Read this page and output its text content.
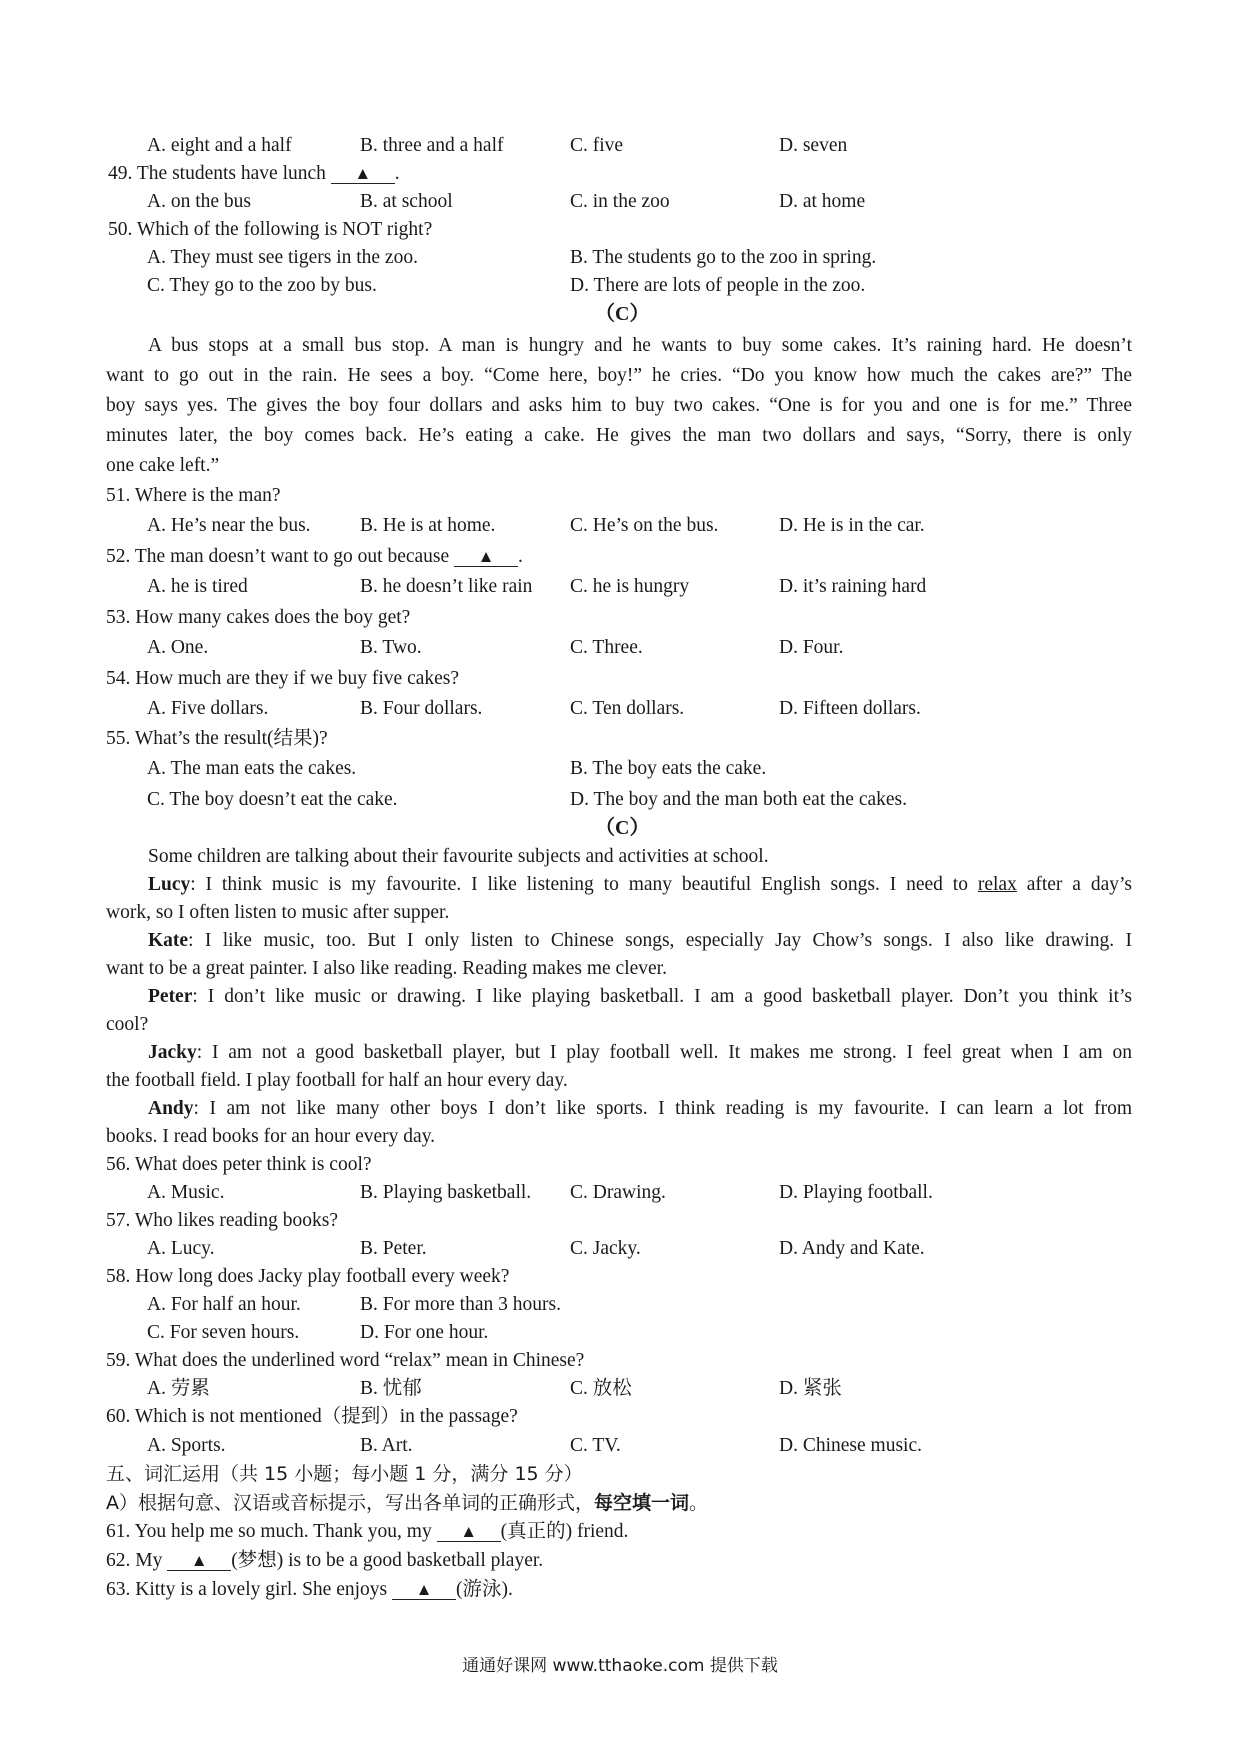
A. eight and a half	B. three and a half	C. five	D. seven
49. The students have lunch ▲ .
A. on the bus	B. at school	C. in the zoo	D. at home
50. Which of the following is NOT right?
A. They must see tigers in the zoo.	B. The students go to the zoo in spring.
C. They go to the zoo by bus.	D. There are lots of people in the zoo.
（C）
A bus stops at a small bus stop. A man is hungry and he wants to buy some cakes. It’s raining hard. He doesn’t
want to go out in the rain. He sees a boy. “Come here, boy!” he cries. “Do you know how much the cakes are?” The
boy says yes. The gives the boy four dollars and asks him to buy two cakes. “One is for you and one is for me.” Three
minutes later, the boy comes back. He’s eating a cake. He gives the man two dollars and says, “Sorry, there is only
one cake left.”
51. Where is the man?
A. He’s near the bus.	B. He is at home.	C. He’s on the bus.	D. He is in the car.
52. The man doesn’t want to go out because ▲ .
A. he is tired	B. he doesn’t like rain C. he is hungry	D. it’s raining hard
53. How many cakes does the boy get?
A. One.	B. Two.	C. Three.	D. Four.
54. How much are they if we buy five cakes?
A. Five dollars.	B. Four dollars.	C. Ten dollars.	D. Fifteen dollars.
55. What’s the result(结果)?
A. The man eats the cakes.	B. The boy eats the cake.
C. The boy doesn’t eat the cake.	D. The boy and the man both eat the cakes.
（C）
Some children are talking about their favourite subjects and activities at school.
Lucy: I think music is my favourite. I like listening to many beautiful English songs. I need to relax after a day’s
work, so I often listen to music after supper.
Kate: I like music, too. But I only listen to Chinese songs, especially Jay Chow’s songs. I also like drawing. I
want to be a great painter. I also like reading. Reading makes me clever.
Peter: I don’t like music or drawing. I like playing basketball. I am a good basketball player. Don’t you think it’s
cool?
Jacky: I am not a good basketball player, but I play football well. It makes me strong. I feel great when I am on
the football field. I play football for half an hour every day.
Andy: I am not like many other boys I don’t like sports. I think reading is my favourite. I can learn a lot from
books. I read books for an hour every day.
56. What does peter think is cool?
A. Music.	B. Playing basketball. C. Drawing.	D. Playing football.
57. Who likes reading books?
A. Lucy.	B. Peter.	C. Jacky.	D. Andy and Kate.
58. How long does Jacky play football every week?
A. For half an hour.	B. For more than 3 hours.
C. For seven hours.	D. For one hour.
59. What does the underlined word “relax” mean in Chinese?
A. 劳累	B. 忧郁	C. 放松	D. 紧张
60. Which is not mentioned（提到）in the passage?
A. Sports.	B. Art.	C. TV.	D. Chinese music.
五、词汇运用（共 15 小题；每小题 1 分，满分 15 分）
A）根据句意、汉语或音标提示，写出各单词的正确形式，每空填一词。
61. You help me so much. Thank you, my ▲ (真正的) friend.
62. My ▲ (梦想) is to be a good basketball player.
63. Kitty is a lovely girl. She enjoys ▲ (游泳).
通通好课网 www.tthaoke.com 提供下载
